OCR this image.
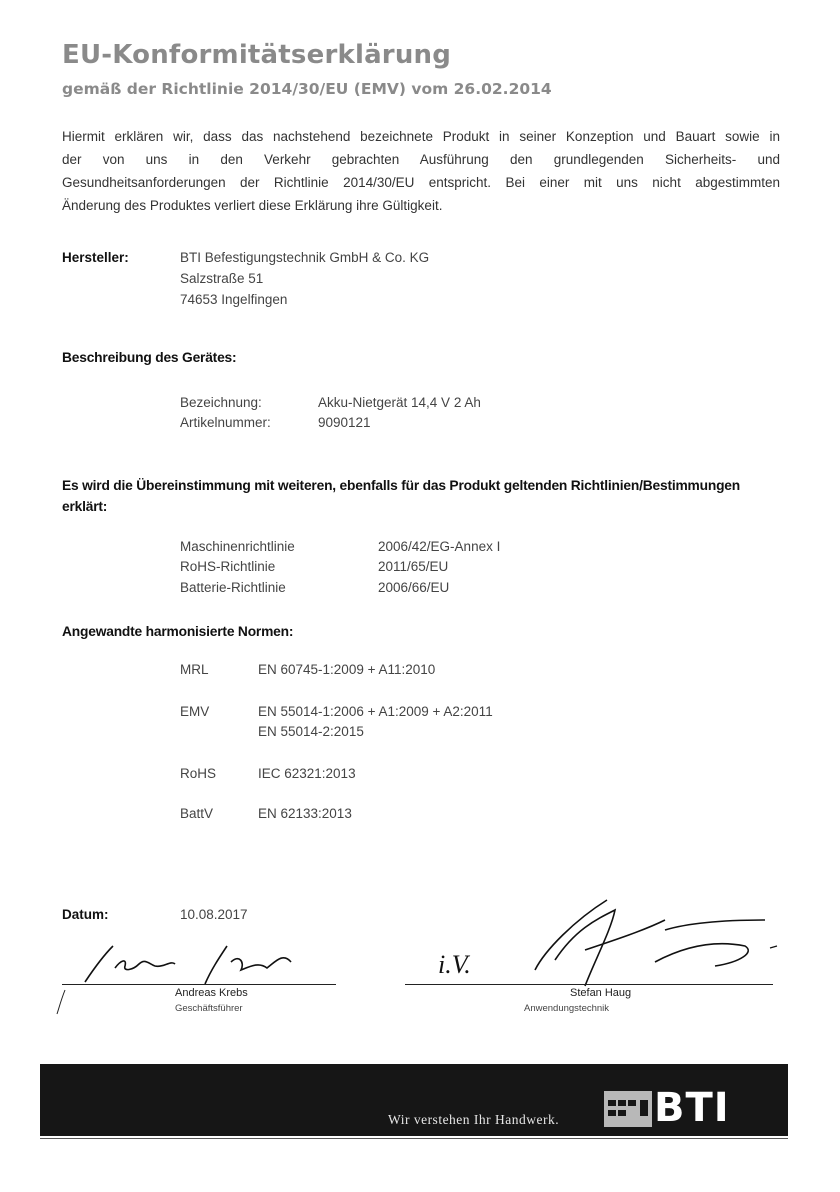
EU-Konformitätserklärung
gemäß der Richtlinie 2014/30/EU (EMV) vom 26.02.2014
Hiermit erklären wir, dass das nachstehend bezeichnete Produkt in seiner Konzeption und Bauart sowie in
der von uns in den Verkehr gebrachten Ausführung den grundlegenden Sicherheits- und
Gesundheitsanforderungen der Richtlinie 2014/30/EU entspricht. Bei einer mit uns nicht abgestimmten
Änderung des Produktes verliert diese Erklärung ihre Gültigkeit.
Hersteller:	BTI Befestigungstechnik GmbH & Co. KG
Salzstraße 51
74653 Ingelfingen
Beschreibung des Gerätes:
Bezeichnung:	Akku-Nietgerät 14,4 V 2 Ah
Artikelnummer:	9090121
Es wird die Übereinstimmung mit weiteren, ebenfalls für das Produkt geltenden Richtlinien/Bestimmungen
erklärt:
Maschinenrichtlinie	2006/42/EG-Annex I
RoHS-Richtlinie	2011/65/EU
Batterie-Richtlinie	2006/66/EU
Angewandte harmonisierte Normen:
MRL	EN 60745-1:2009 + A11:2010
EMV	EN 55014-1:2006 + A1:2009 + A2:2011
EN 55014-2:2015
RoHS	IEC 62321:2013
BattV	EN 62133:2013
Datum:	10.08.2017
Andreas Krebs
Geschäftsführer
i.V.
Stefan Haug
Anwendungstechnik
Wir verstehen Ihr Handwerk. BTI
